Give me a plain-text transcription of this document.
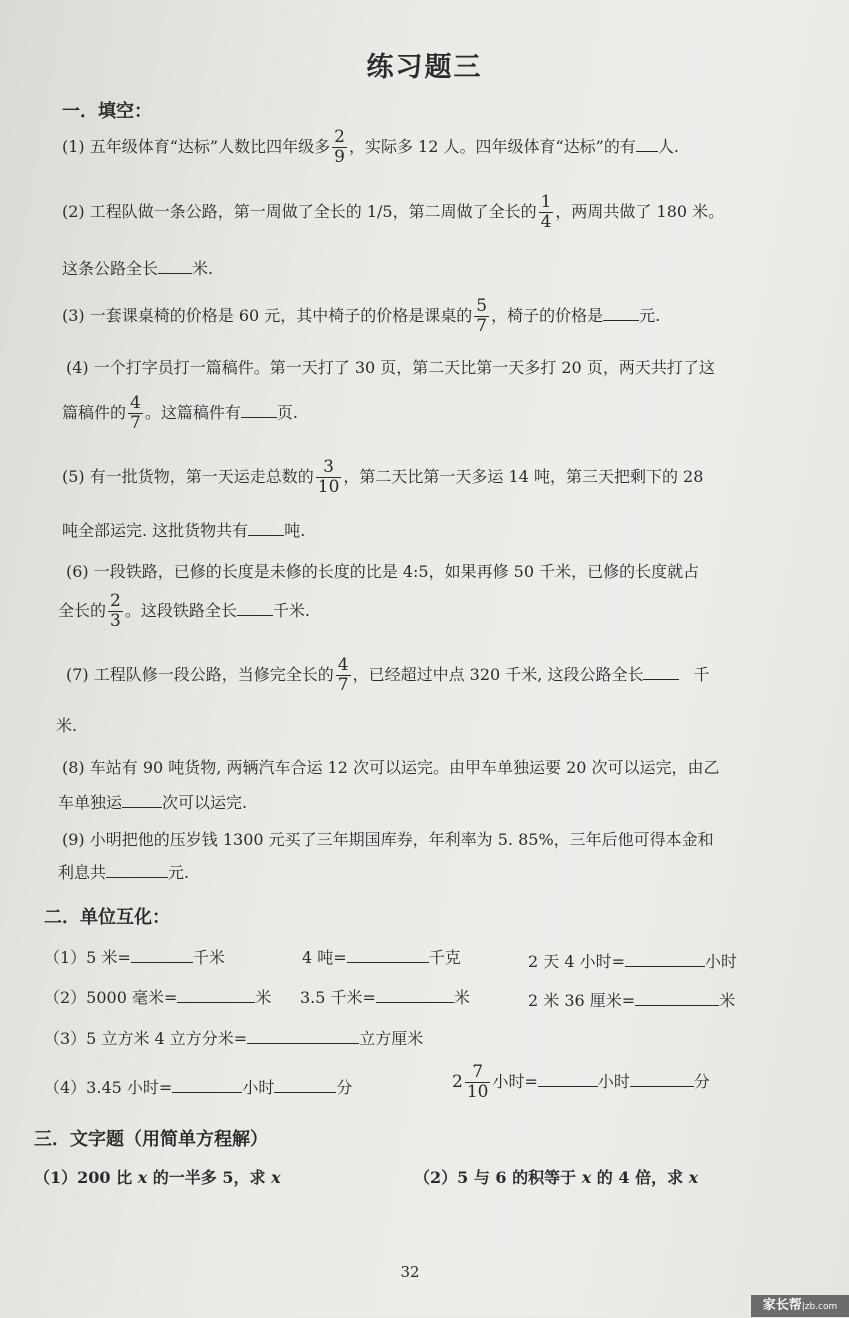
练习题三
一．填空：
(1) 五年级体育“达标”人数比四年级多 $\frac{2}{9}$ ，实际多 12 人。四年级体育“达标”的有 人.
(2) 工程队做一条公路，第一周做了全长的 1/5，第二周做了全长的 $\frac{1}{4}$ ，两周共做了 180 米。
这条公路全长 米.
(3) 一套课桌椅的价格是 60 元，其中椅子的价格是课桌的 $\frac{5}{7}$ ，椅子的价格是 元.
(4) 一个打字员打一篇稿件。第一天打了 30 页，第二天比第一天多打 20 页，两天共打了这
篇稿件的 $\frac{4}{7}$ 。这篇稿件有 页.
(5) 有一批货物，第一天运走总数的 $\frac{3}{10}$ ，第二天比第一天多运 14 吨，第三天把剩下的 28
吨全部运完. 这批货物共有 吨.
(6) 一段铁路，已修的长度是未修的长度的比是 4:5，如果再修 50 千米，已修的长度就占
全长的 $\frac{2}{3}$ 。这段铁路全长 千米.
(7) 工程队修一段公路，当修完全长的 $\frac{4}{7}$ ，已经超过中点 320 千米, 这段公路全长	千
米.
(8) 车站有 90 吨货物, 两辆汽车合运 12 次可以运完。由甲车单独运要 20 次可以运完，由乙
车单独运	次可以运完.
(9) 小明把他的压岁钱 1300 元买了三年期国库券，年利率为 5. 85%，三年后他可得本金和
利息共	元.
二．单位互化：
（1）5 米=	千米	4 吨=	千克	2 天 4 小时=	小时
（2）5000 毫米=	米 3.5 千米=	米	2 米 36 厘米=	米
（3）5 立方米 4 立方分米=	立方厘米
（4）3.45 小时=	小时	分	$2 \frac{7}{10}$ 小时=	小时	分
三．文字题（用简单方程解）
（1）200 比 x 的一半多 5，求 x	（2）5 与 6 的积等于 x 的 4 倍，求 x
32
家长帮|zb.com
